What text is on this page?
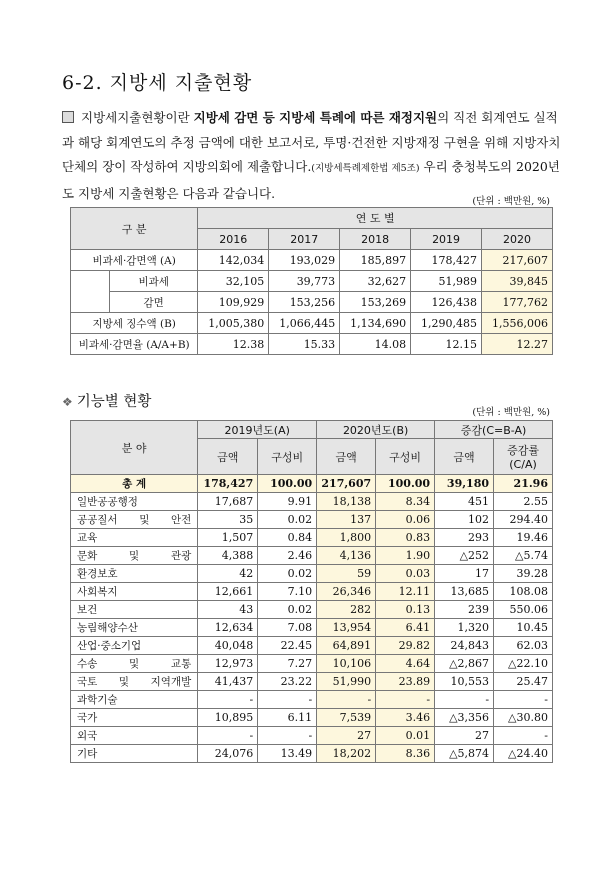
6-2. 지방세 지출현황
지방세지출현황이란 지방세 감면 등 지방세 특례에 따른 재정지원의 직전 회계연도 실적과 해당 회계연도의 추정 금액에 대한 보고서로, 투명·건전한 지방재정 구현을 위해 지방자치단체의 장이 작성하여 지방의회에 제출합니다.(지방세특례제한법 제5조) 우리 충청북도의 2020년도 지방세 지출현황은 다음과 같습니다.
(단위 : 백만원, %)
구 분		연 도 별				
		2016	2017	2018	2019	2020
비과세·감면액 (A)		142,034	193,029	185,897	178,427	217,607
	비과세	32,105	39,773	32,627	51,989	39,845
	감면	109,929	153,256	153,269	126,438	177,762
지방세 징수액 (B)		1,005,380	1,066,445	1,134,690	1,290,485	1,556,006
비과세·감면율 (A/A+B)		12.38	15.33	14.08	12.15	12.27
❖ 기능별 현황
(단위 : 백만원, %)
분 야	2019년도(A)		2020년도(B)		증감(C=B-A)	
	금액	구성비	금액	구성비	금액	증감률 (C/A)
총 계	178,427	100.00	217,607	100.00	39,180	21.96
일반공공행정	17,687	9.91	18,138	8.34	451	2.55
공공질서 및 안전	35	0.02	137	0.06	102	294.40
교육	1,507	0.84	1,800	0.83	293	19.46
문화 및 관광	4,388	2.46	4,136	1.90	△252	△5.74
환경보호	42	0.02	59	0.03	17	39.28
사회복지	12,661	7.10	26,346	12.11	13,685	108.08
보건	43	0.02	282	0.13	239	550.06
농림해양수산	12,634	7.08	13,954	6.41	1,320	10.45
산업·중소기업	40,048	22.45	64,891	29.82	24,843	62.03
수송 및 교통	12,973	7.27	10,106	4.64	△2,867	△22.10
국토 및 지역개발	41,437	23.22	51,990	23.89	10,553	25.47
과학기술	-	-	-	-	-	-
국가	10,895	6.11	7,539	3.46	△3,356	△30.80
외국	-	-	27	0.01	27	-
기타	24,076	13.49	18,202	8.36	△5,874	△24.40
